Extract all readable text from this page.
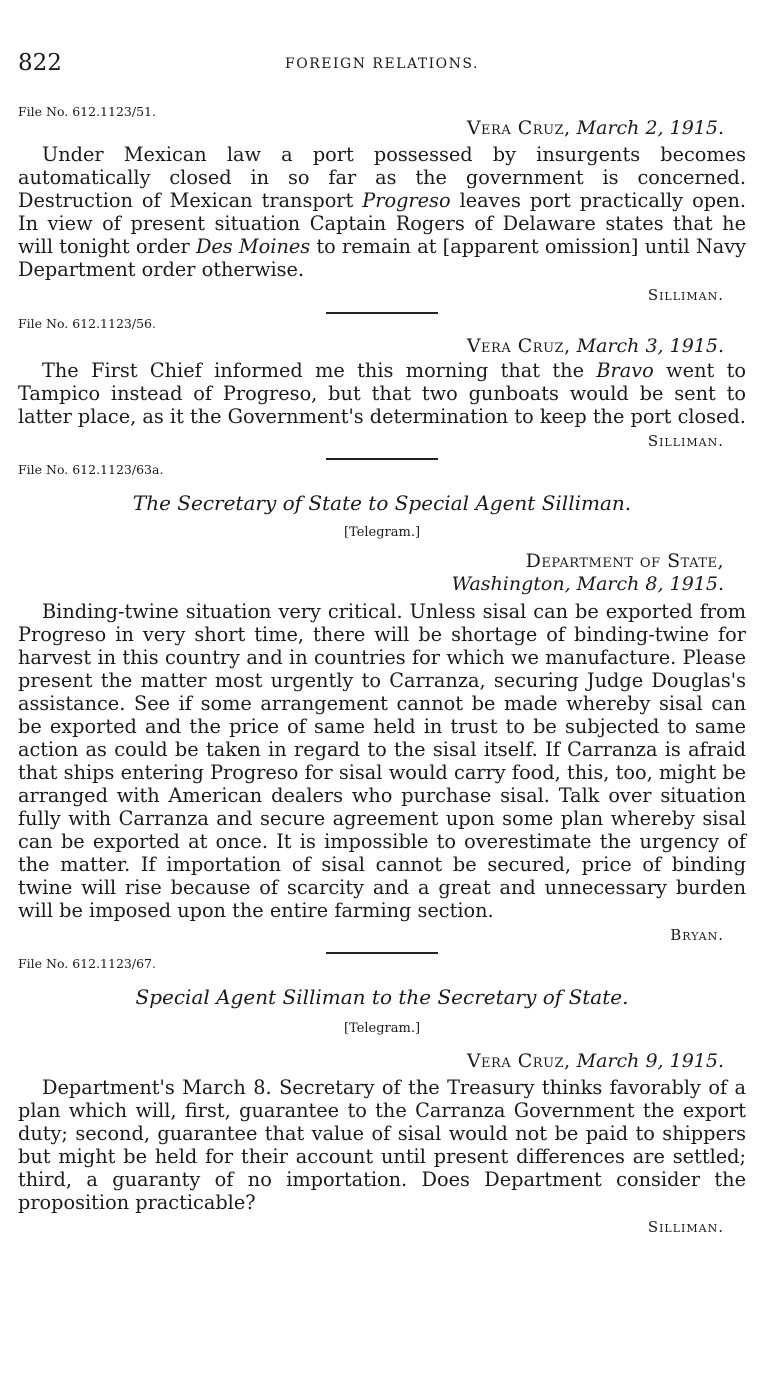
822	FOREIGN RELATIONS.

File No. 612.1123/51.

Vera Cruz, March 2, 1915.

Under Mexican law a port possessed by insurgents becomes automatically closed in so far as the government is concerned. Destruction of Mexican transport Progreso leaves port practically open. In view of present situation Captain Rogers of Delaware states that he will tonight order Des Moines to remain at [apparent omission] until Navy Department order otherwise.

Silliman.

File No. 612.1123/56.

Vera Cruz, March 3, 1915.

The First Chief informed me this morning that the Bravo went to Tampico instead of Progreso, but that two gunboats would be sent to latter place, as it the Government's determination to keep the port closed.

Silliman.

File No. 612.1123/63a.

The Secretary of State to Special Agent Silliman.

[Telegram.]

Department of State,

Washington, March 8, 1915.

Binding-twine situation very critical. Unless sisal can be exported from Progreso in very short time, there will be shortage of binding-twine for harvest in this country and in countries for which we manufacture. Please present the matter most urgently to Carranza, securing Judge Douglas's assistance. See if some arrangement cannot be made whereby sisal can be exported and the price of same held in trust to be subjected to same action as could be taken in regard to the sisal itself. If Carranza is afraid that ships entering Progreso for sisal would carry food, this, too, might be arranged with American dealers who purchase sisal. Talk over situation fully with Carranza and secure agreement upon some plan whereby sisal can be exported at once. It is impossible to overestimate the urgency of the matter. If importation of sisal cannot be secured, price of binding twine will rise because of scarcity and a great and unnecessary burden will be imposed upon the entire farming section.

Bryan.

File No. 612.1123/67.

Special Agent Silliman to the Secretary of State.

[Telegram.]

Vera Cruz, March 9, 1915.

Department's March 8. Secretary of the Treasury thinks favorably of a plan which will, first, guarantee to the Carranza Government the export duty; second, guarantee that value of sisal would not be paid to shippers but might be held for their account until present differences are settled; third, a guaranty of no importation. Does Department consider the proposition practicable?

Silliman.
